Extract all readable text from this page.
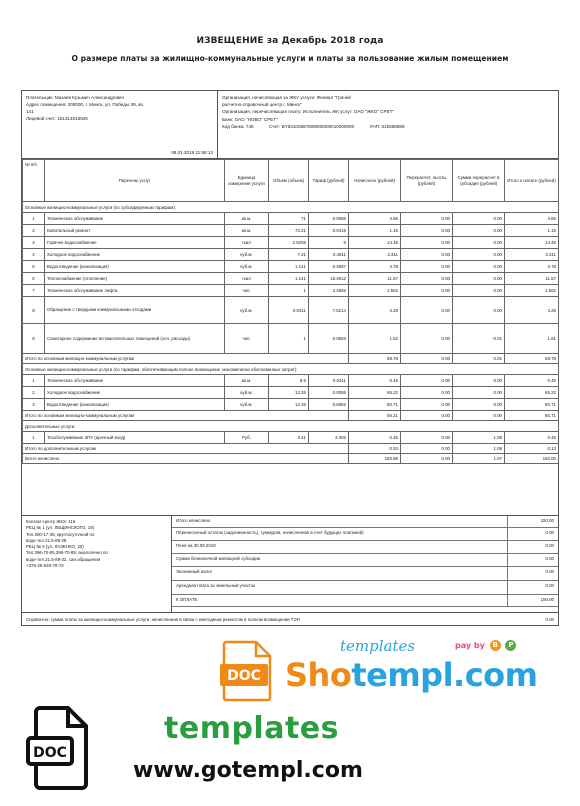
ИЗВЕЩЕНИЕ за Декабрь 2018 года
О размере платы за жилищно-коммунальные услуги и платы за пользование жилым помещением
Плательщик: Мазаев Кузьмич Александрович
Адрес помещения: 200000, г. Минск, ул. Победы 39, кв.
141
Лицевой счет: 151314818945
08.01.2019 11:56:12
Организация, начисляющая за ЖКУ услуги: Филиал "Грачей
расчетно-справочный центр г. Минск"
Организация, перечисляющая плату: Исполнитель ЖК услуг: ОАО "ЖКО" СРЕТ"
Банк: ОАО "НОВО" СРЕТ"
Код банка: 745	Счет: BY63100587809000000010000000	УНП: 615558889
№ п/п	Перечень услуг	Единица измерения услуги	Объём (объем)	Тариф (рублей)	Начислено (рублей)	Перерасчет, льготы (рублей)	Сумма перерасчет в субсидия (рублей)	Итого к оплате (рублей)
Основные жилищно-коммунальные услуги (по субсидируемым тарифам):								
1	Техническое обслуживание	кв.м.	71	0.0656	4.65	0.00	0.00	4.65
2	Капитальный ремонт	кв.м.	72.21	0.0415	1.15	0.00	0.00	1.15
3	Горячее водоснабжение	гкал	2.5255	8	14.45	0.00	0.00	14.45
4	Холодное водоснабжение	куб.м.	7.21	0.4511	3.311	0.00	0.00	3.311
5	Водоотведение (канализация)	куб.м.	1.141	0.4587	4.78	0.00	0.00	4.78
6	Теплоснабжение (отопление)	гкал	1.141	16.4512	11.57	0.00	0.00	11.57
7	Техническое обслуживание лифта	чел.	1	3.4582	1.562	0.00	0.00	1.562
8	Обращение с твердыми коммунальными отходами	куб.м.	0.0411	7.5214	4.28	0.00	0.00	4.28
9	Санитарное содержание вспомогательных помещений (осн. расходы)	чел.	1	0.0563	1.62	0.00	-0.01	1.61
Итого по основным жилищно-коммунальным услугам					68.78	0.00	0.01	68.78
Основные жилищно-коммунальные услуги (по тарифам, обеспечивающим полное возмещение экономически обоснованных затрат):								
1	Техническое обслуживание	кв.м.	8.5	0.0311	0.45	0.00	0.00	0.45
2	Холодное водоснабжение	куб.м.	12.26	0.0055	65.22	0.00	0.00	65.22
3	Водоотведение (канализация)	куб.м.	12.26	0.6852	80.71	0.00	0.00	80.71
Итого по основным жилищно-коммунальным услугам					56.21	0.00	0.00	80.71
Дополнительные услуги:								
1	Техобслуживание ЗПУ (арочный вход)	Руб.	3.41	3.302	0.45	0.00	1.08	0.45
Итого по дополнительным услугам					0.53	0.00	1.08	0.13
Всего начислено					150.88	0.00	1.07	150.00
Контакт-центр ЖКХ: 115
РЕЦ № 1 (ул. ЛЕЩИНСКОГО, 18)
Тел.300-17-35; круглосуточной по
воде-тел.21.5-89-28
РЕЦ № 5 (ул. ЛАЗЕНКО, 20)
Тел.396-70-85,396-70-85; аналогично по
воде-тел.21.5-89-32, сан.обращения
+375-25-620-78-72
Итого начислено	150.00
Перенесенный остаток (задолженность), суммуров, начисленная в счет будущих платежей)	0.00
Пеня на 30.09.2018	0.00
Сумма безналичной жилищной субсидии	0.00
Экономный налог	0.00
Арендная плата за земельный участок	0.00
К ОПЛАТЕ	150.00
Справочно: сумма платы за жилищно-коммунальные услуги, начисленная в связи с ежегодным ремонтом в полном возмещении ТЭП	0.00
DOC
templates	pay by B P
Shotempl.com
DOC
templates
www.gotempl.com
